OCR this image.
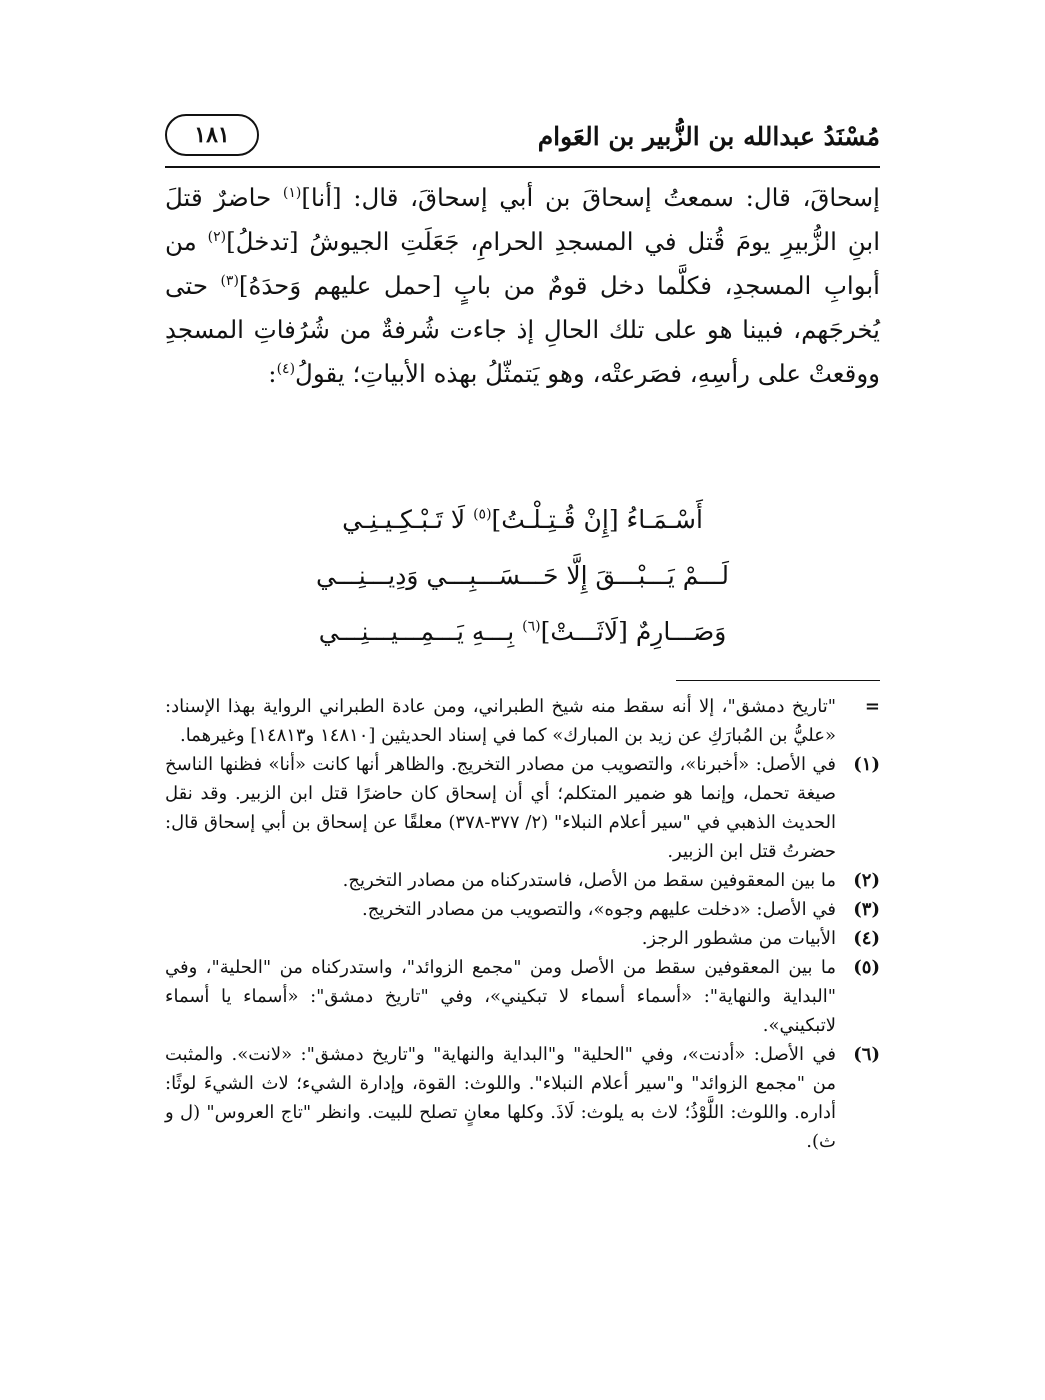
مُسْنَدُ عبدالله بن الزُّبير بن العَوام
١٨١

إسحاقَ، قال: سمعتُ إسحاقَ بن أبي إسحاقَ، قال: [أنا]$^{(١)}$ حاضرٌ قتلَ ابنِ الزُّبيرِ يومَ قُتل في المسجدِ الحرامِ، جَعَلَتِ الجيوشُ [تدخلُ]$^{(٢)}$ من أبوابِ المسجدِ، فكلَّما دخل قومٌ من بابٍ [حمل عليهم وَحدَهُ]$^{(٣)}$ حتى يُخرجَهم، فبينا هو على تلك الحالِ إذ جاءت شُرفةٌ من شُرُفاتِ المسجدِ ووقعتْ على رأسِهِ، فصَرعتْه، وهو يَتمثّلُ بهذه الأبياتِ؛ يقولُ$^{(٤)}$:

أَسْـمَـاءُ [إِنْ قُـتِـلْـتُ]$^{(٥)}$ لَا تَـبْـكِـيـنِـي
لَـــمْ يَـــبْـــقَ إِلَّا حَـــسَـــبِـــي وَدِيـــنِـــي
وَصَـــارِمٌ [لَاثَـــتْ]$^{(٦)}$ بِـــهِ يَـــمِـــيـــنِـــي
=
"تاريخ دمشق"، إلا أنه سقط منه شيخ الطبراني، ومن عادة الطبراني الرواية بهذا الإسناد: «عليُّ بن المُبارَكِ عن زيد بن المبارك» كما في إسناد الحديثين [١٤٨١٠ و١٤٨١٣] وغيرهما.
(١)
في الأصل: «أخبرنا»، والتصويب من مصادر التخريج. والظاهر أنها كانت «أنا» فظنها الناسخ صيغة تحمل، وإنما هو ضمير المتكلم؛ أي أن إسحاق كان حاضرًا قتل ابن الزبير. وقد نقل الحديث الذهبي في "سير أعلام النبلاء" (٢/ ٣٧٧-٣٧٨) معلقًا عن إسحاق بن أبي إسحاق قال: حضرتُ قتل ابن الزبير.
(٢)
ما بين المعقوفين سقط من الأصل، فاستدركناه من مصادر التخريج.
(٣)
في الأصل: «دخلت عليهم وجوه»، والتصويب من مصادر التخريج.
(٤)
الأبيات من مشطور الرجز.
(٥)
ما بين المعقوفين سقط من الأصل ومن "مجمع الزوائد"، واستدركناه من "الحلية"، وفي "البداية والنهاية": «أسماء أسماء لا تبكيني»، وفي "تاريخ دمشق": «أسماء يا أسماء لاتبكيني».
(٦)
في الأصل: «أدنت»، وفي "الحلية" و"البداية والنهاية" و"تاريخ دمشق": «لانت». والمثبت من "مجمع الزوائد" و"سير أعلام النبلاء". واللوث: القوة، وإدارة الشيء؛ لاث الشيءَ لوثًا: أداره. واللوث: اللَّوْذُ؛ لاث به يلوث: لَاذَ. وكلها معانٍ تصلح للبيت. وانظر "تاج العروس" (ل و ث).
